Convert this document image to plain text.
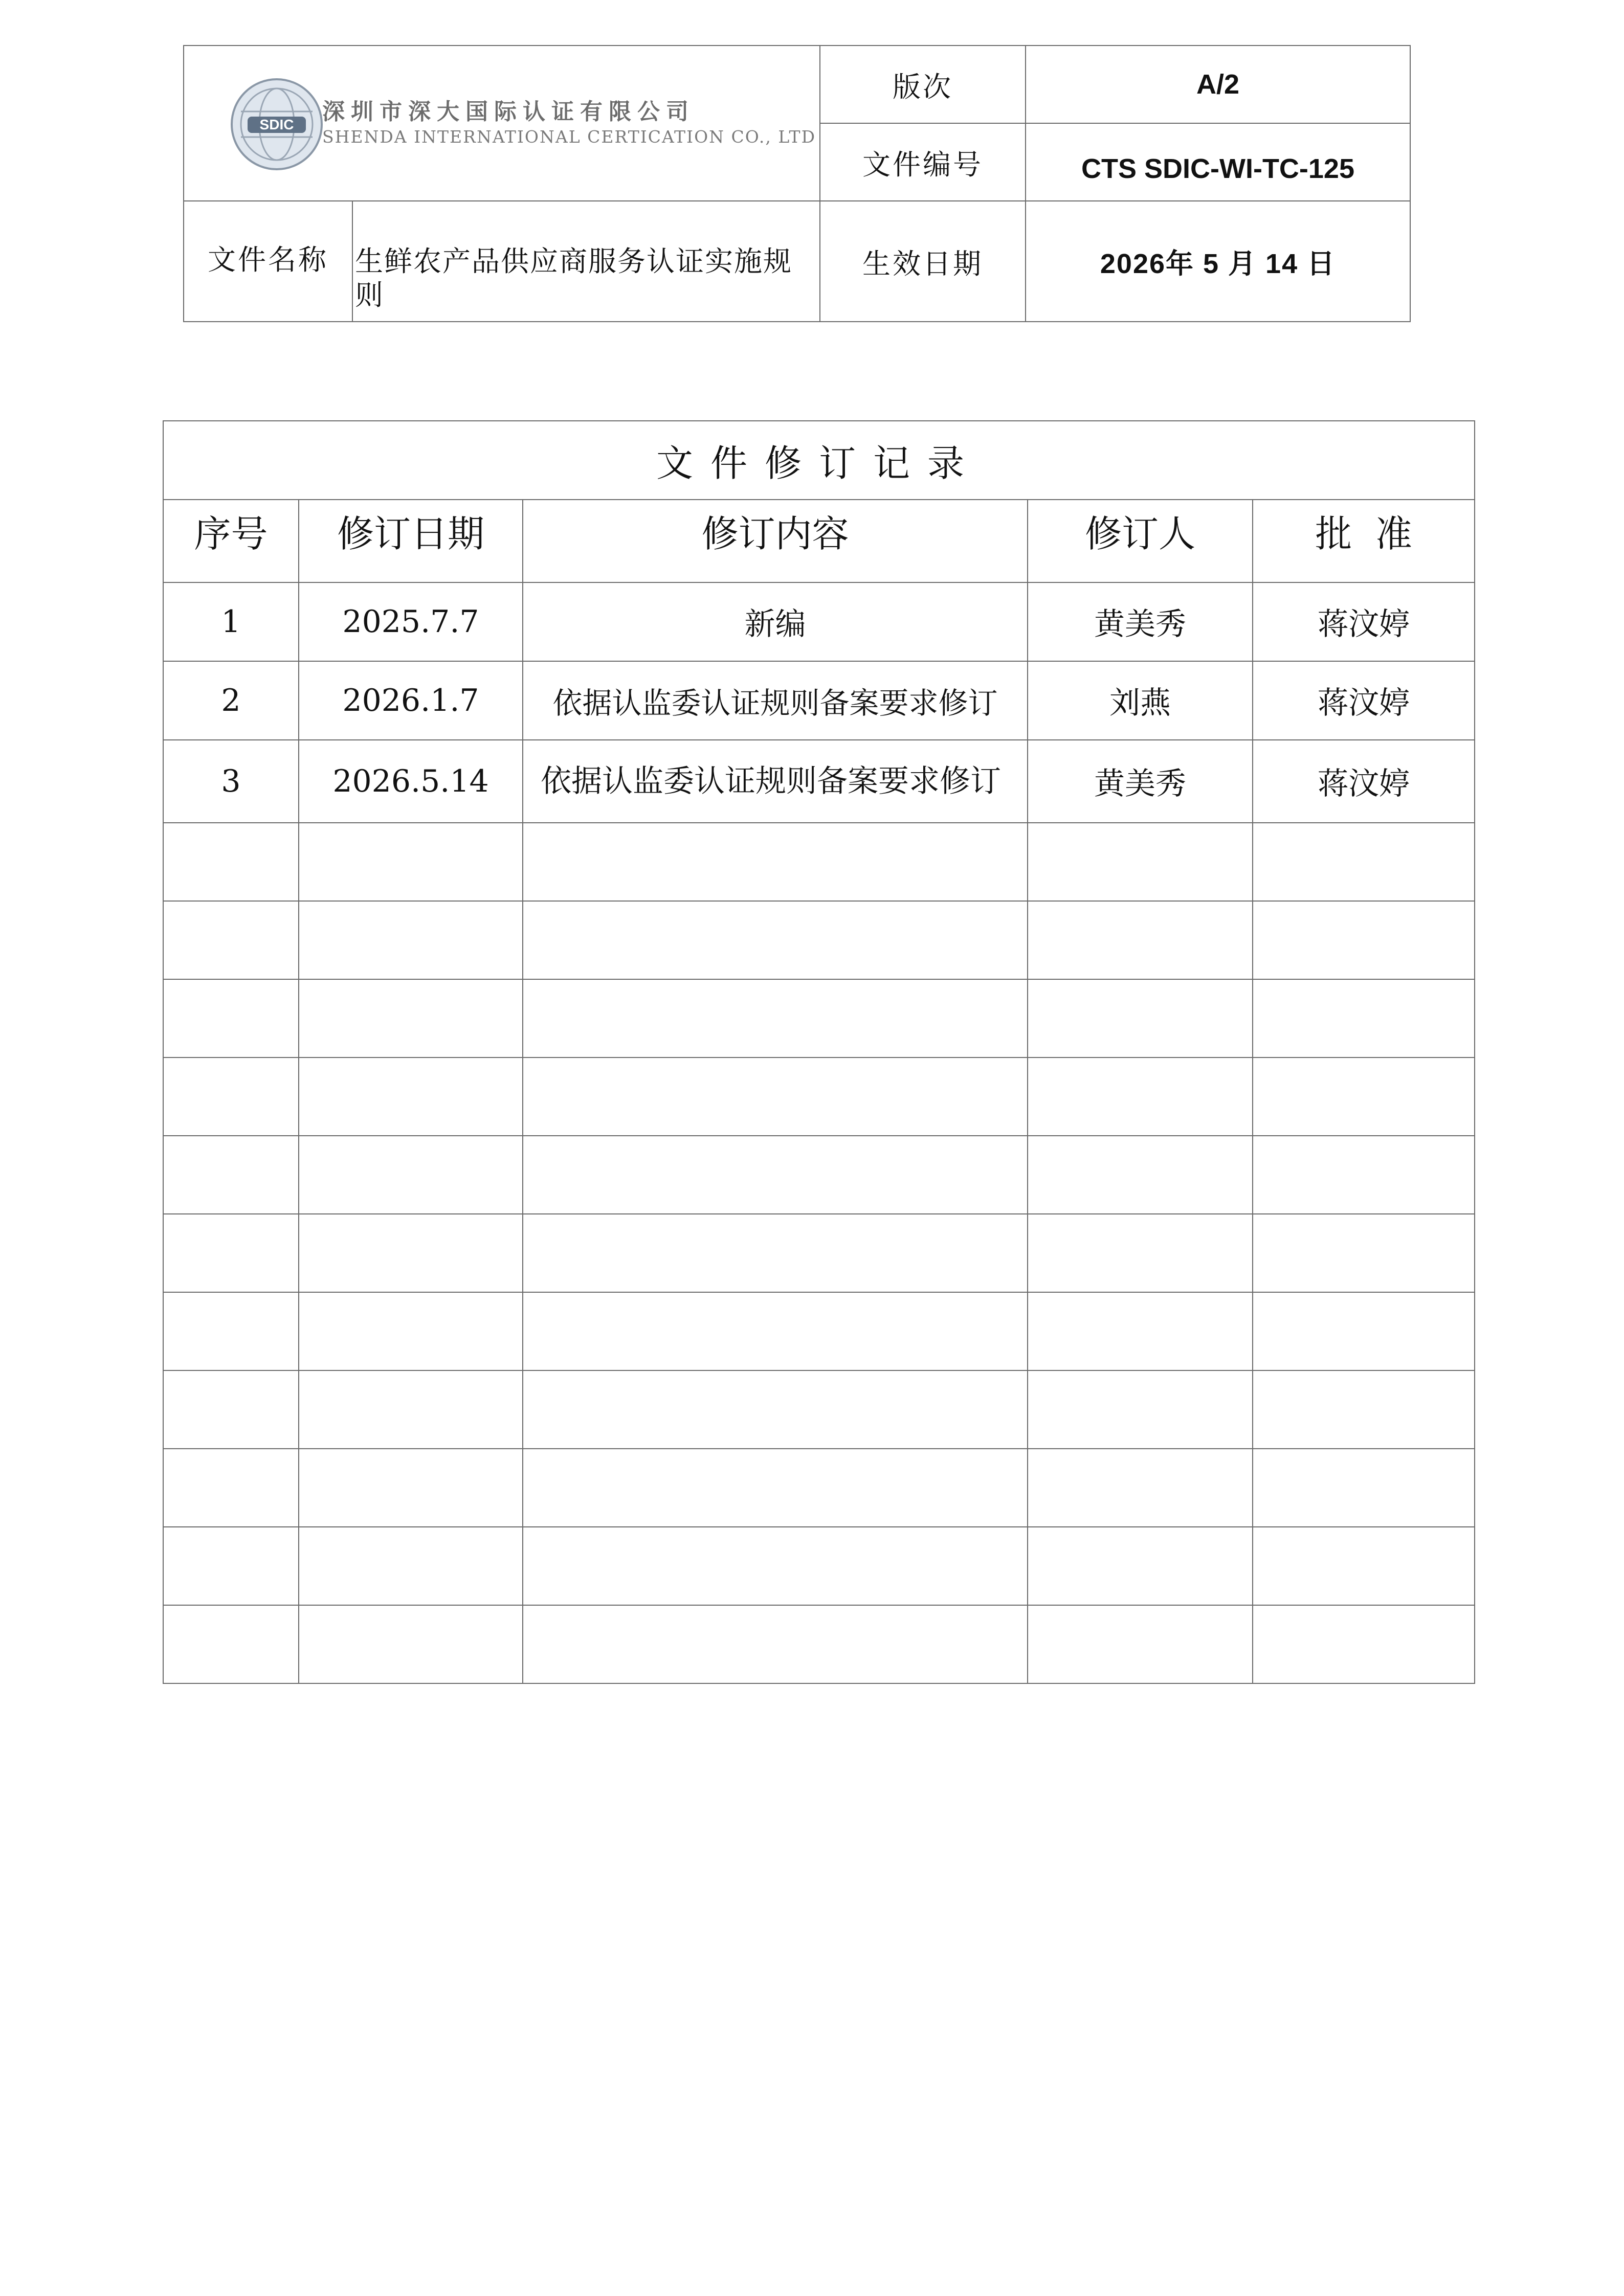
SDIC 深圳市深大国际认证有限公司
SHENDA INTERNATIONAL CERTICATION CO., LTD		版次	A/2
		文件编号	CTS SDIC-WI-TC-125
文件名称	生鲜农产品供应商服务认证实施规则	生效日期	2026年 5 月 14 日
文件修订记录				
序号	修订日期	修订内容	修订人	批  准
1	2025.7.7	新编	黄美秀	蒋汶婷
2	2026.1.7	依据认监委认证规则备案要求修订	刘燕	蒋汶婷
3	2026.5.14	依据认监委认证规则备案要求修订	黄美秀	蒋汶婷
